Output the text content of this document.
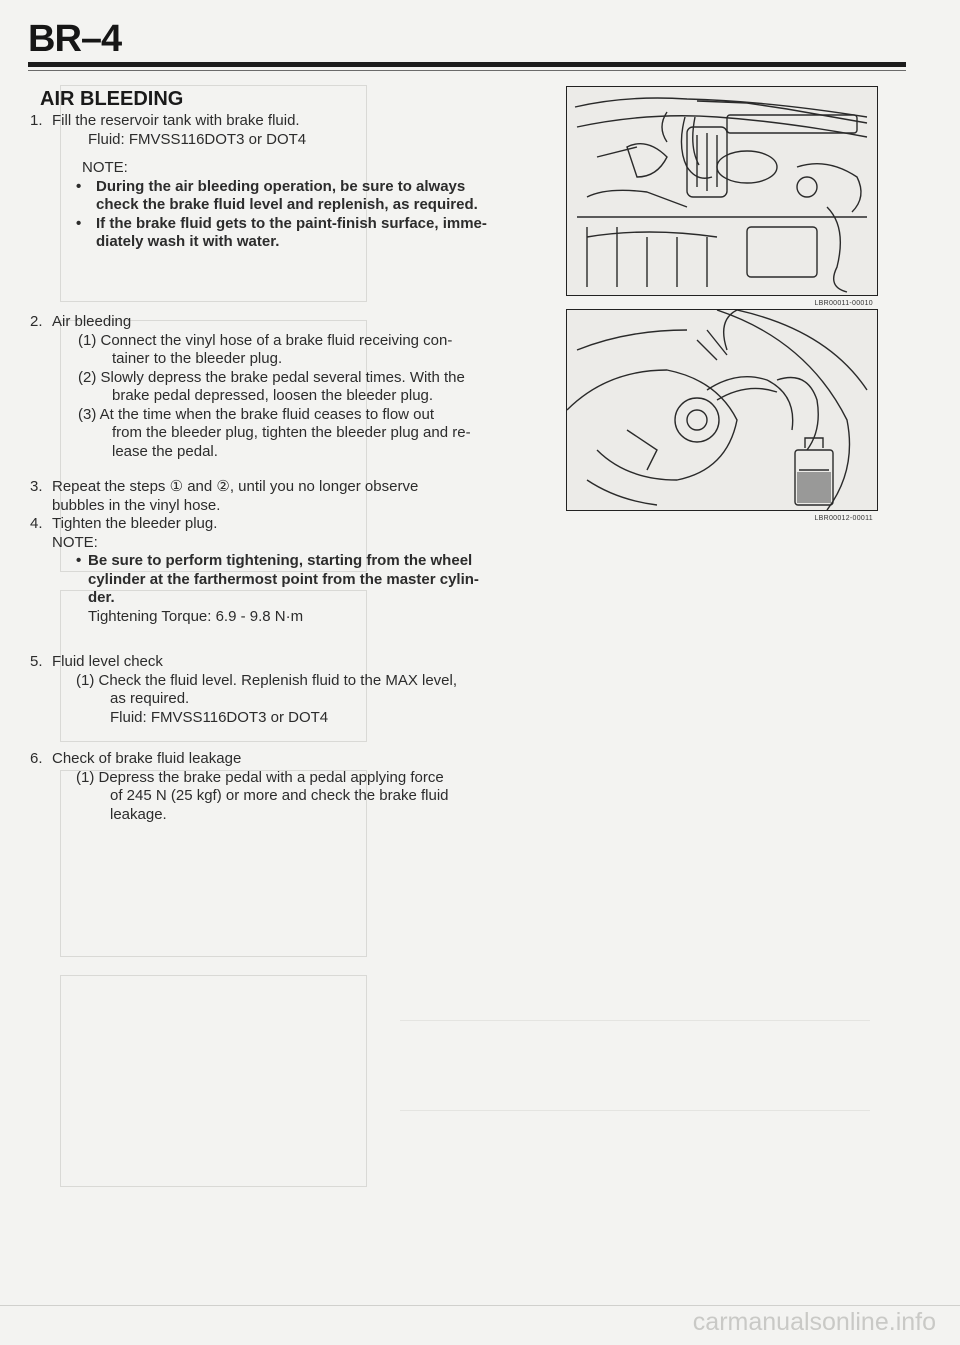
BR–4
AIR BLEEDING
1. Fill the reservoir tank with brake fluid.
Fluid: FMVSS116DOT3 or DOT4
NOTE:
• During the air bleeding operation, be sure to always
check the brake fluid level and replenish, as required.
• If the brake fluid gets to the paint-finish surface, imme-
diately wash it with water.
2. Air bleeding
(1) Connect the vinyl hose of a brake fluid receiving con-
tainer to the bleeder plug.
(2) Slowly depress the brake pedal several times. With the
brake pedal depressed, loosen the bleeder plug.
(3) At the time when the brake fluid ceases to flow out
from the bleeder plug, tighten the bleeder plug and re-
lease the pedal.
3. Repeat the steps ① and ②, until you no longer observe
bubbles in the vinyl hose.
4. Tighten the bleeder plug.
NOTE:
• Be sure to perform tightening, starting from the wheel
cylinder at the farthermost point from the master cylin-
der.
Tightening Torque: 6.9 - 9.8 N·m
5. Fluid level check
(1) Check the fluid level. Replenish fluid to the MAX level,
as required.
Fluid: FMVSS116DOT3 or DOT4
6. Check of brake fluid leakage
(1) Depress the brake pedal with a pedal applying force
of 245 N (25 kgf) or more and check the brake fluid
leakage.
LBR00011-00010
LBR00012-00011
carmanualsonline.info
